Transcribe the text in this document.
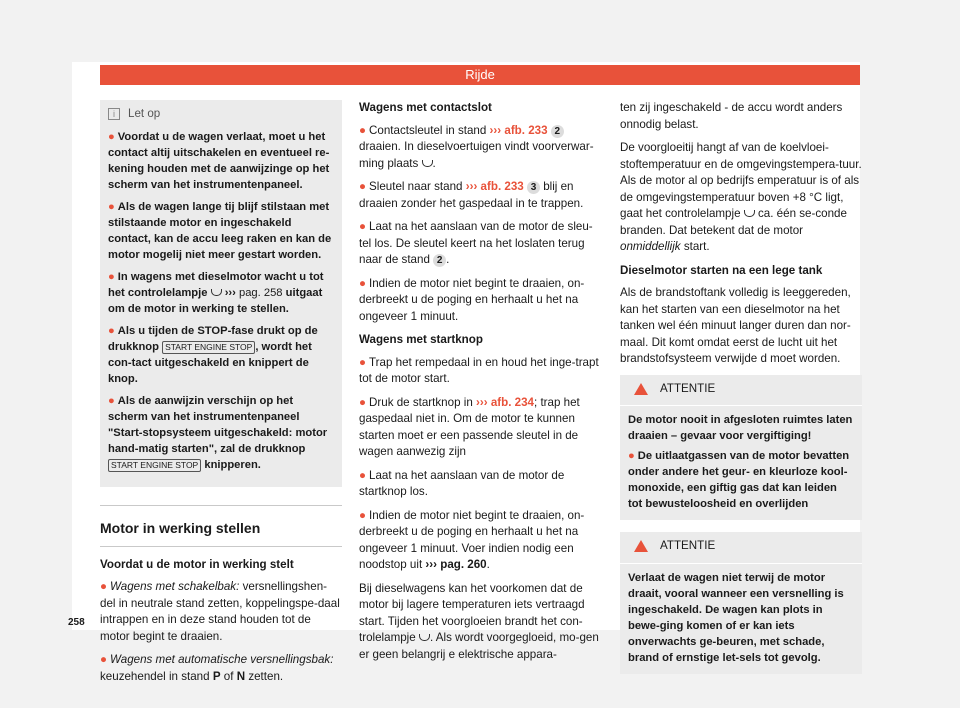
Rijde
i	Let op
● Voordat u de wagen verlaat, moet u het contact altij uitschakelen en eventueel re-kening houden met de aanwijzinge op het scherm van het instrumentenpaneel.
● Als de wagen lange tij blijf stilstaan met stilstaande motor en ingeschakeld contact, kan de accu leeg raken en kan de motor mogelij niet meer gestart worden.
● In wagens met dieselmotor wacht u tot het controlelampje ››› pag. 258 uitgaat om de motor in werking te stellen.
● Als u tijden de STOP-fase drukt op de drukknop START ENGINE STOP , wordt het con-tact uitgeschakeld en knippert de knop.
● Als de aanwijzin verschijn op het scherm van het instrumentenpaneel "Start-stopsysteem uitgeschakeld: motor hand-matig starten", zal de drukknop START ENGINE STOP knipperen.
Motor in werking stellen
Voordat u de motor in werking stelt
● Wagens met schakelbak: versnellingshen-del in neutrale stand zetten, koppelingspe-daal intrappen en in deze stand houden tot de motor begint te draaien.
● Wagens met automatische versnellingsbak: keuzehendel in stand P of N zetten.
Wagens met contactslot
● Contactsleutel in stand ››› afb. 233 2 draaien. In dieselvoertuigen vindt voorverwar-ming plaats .
● Sleutel naar stand ››› afb. 233 3 blij en draaien zonder het gaspedaal in te trappen.
● Laat na het aanslaan van de motor de sleu-tel los. De sleutel keert na het loslaten terug naar de stand 2 .
● Indien de motor niet begint te draaien, on-derbreekt u de poging en herhaalt u het na ongeveer 1 minuut.
Wagens met startknop
● Trap het rempedaal in en houd het inge-trapt tot de motor start.
● Druk de startknop in ››› afb. 234; trap het gaspedaal niet in. Om de motor te kunnen starten moet er een passende sleutel in de wagen aanwezig zijn
● Laat na het aanslaan van de motor de startknop los.
● Indien de motor niet begint te draaien, on-derbreekt u de poging en herhaalt u het na ongeveer 1 minuut. Voer indien nodig een noodstop uit ››› pag. 260.
Bij dieselwagens kan het voorkomen dat de motor bij lagere temperaturen iets vertraagd start. Tijden het voorgloeien brandt het con-trolelampje . Als wordt voorgegloeid, mo-gen er geen belangrij e elektrische appara-
ten zij ingeschakeld - de accu wordt anders onnodig belast.
De voorgloeitij hangt af van de koelvloei-stoftemperatuur en de omgevingstempera-tuur. Als de motor al op bedrijfs emperatuur is of als de omgevingstemperatuur boven +8 °C ligt, gaat het controlelampje ca. één se-conde branden. Dat betekent dat de motor onmiddellijk start.
Dieselmotor starten na een lege tank
Als de brandstoftank volledig is leeggereden, kan het starten van een dieselmotor na het tanken wel één minuut langer duren dan nor-maal. Dit komt omdat eerst de lucht uit het brandstofsysteem verwijde d moet worden.
ATTENTIE
De motor nooit in afgesloten ruimtes laten draaien – gevaar voor vergiftiging!
● De uitlaatgassen van de motor bevatten onder andere het geur- en kleurloze kool-monoxide, een giftig gas dat kan leiden tot bewusteloosheid en overlijden
ATTENTIE
Verlaat de wagen niet terwij de motor draait, vooral wanneer een versnelling is ingeschakeld. De wagen kan plots in bewe-ging komen of er kan iets onverwachts ge-beuren, met schade, brand of ernstige let-sels tot gevolg.
258
